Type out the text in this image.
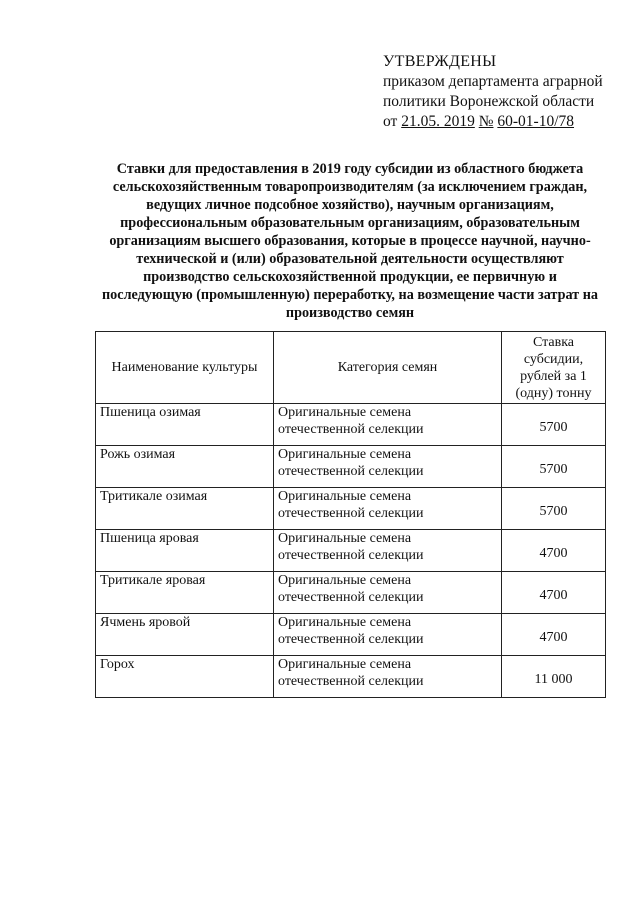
УТВЕРЖДЕНЫ
приказом департамента аграрной
политики Воронежской области
от 21.05. 2019 № 60-01-10/78
Ставки для предоставления в 2019 году субсидии из областного бюджета сельскохозяйственным товаропроизводителям (за исключением граждан, ведущих личное подсобное хозяйство), научным организациям, профессиональным образовательным организациям, образовательным организациям высшего образования, которые в процессе научной, научно-технической и (или) образовательной деятельности осуществляют производство сельскохозяйственной продукции, ее первичную и последующую (промышленную) переработку, на возмещение части затрат на производство семян
Наименование культуры	Категория семян	Ставка субсидии, рублей за 1 (одну) тонну
Пшеница озимая	Оригинальные семена отечественной селекции	5700
Рожь озимая	Оригинальные семена отечественной селекции	5700
Тритикале озимая	Оригинальные семена отечественной селекции	5700
Пшеница яровая	Оригинальные семена отечественной селекции	4700
Тритикале яровая	Оригинальные семена отечественной селекции	4700
Ячмень яровой	Оригинальные семена отечественной селекции	4700
Горох	Оригинальные семена отечественной селекции	11 000
